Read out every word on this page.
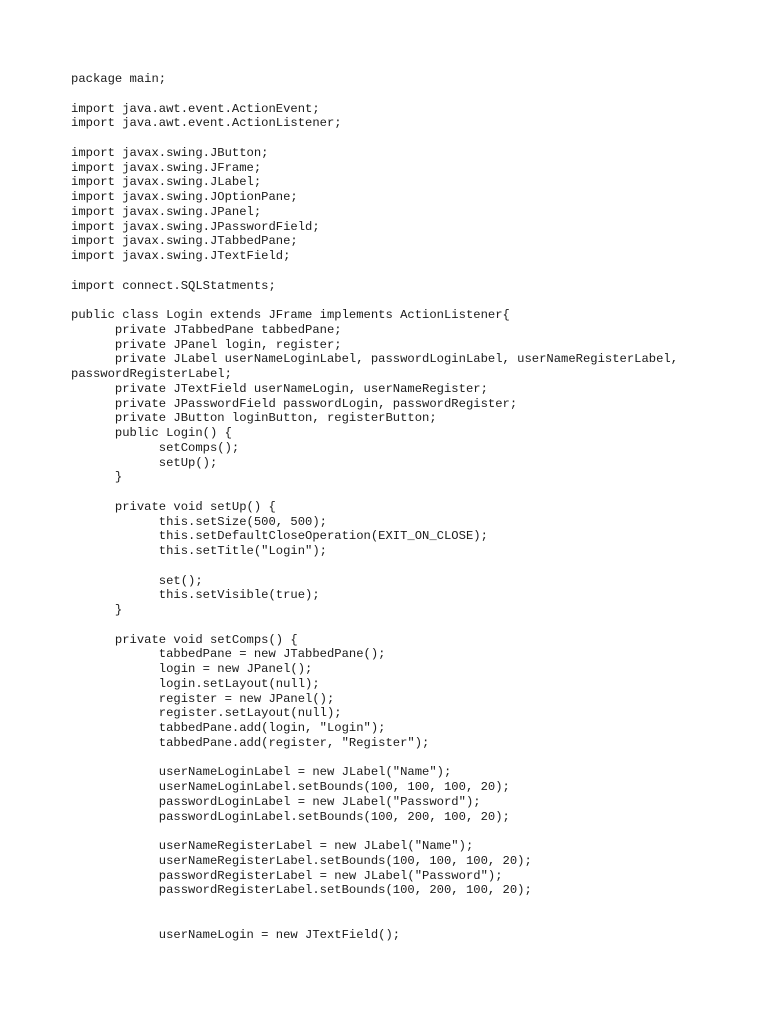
package main;
import java.awt.event.ActionEvent;
import java.awt.event.ActionListener;
import javax.swing.JButton;
import javax.swing.JFrame;
import javax.swing.JLabel;
import javax.swing.JOptionPane;
import javax.swing.JPanel;
import javax.swing.JPasswordField;
import javax.swing.JTabbedPane;
import javax.swing.JTextField;
import connect.SQLStatments;
public class Login extends JFrame implements ActionListener{
private JTabbedPane tabbedPane;
private JPanel login, register;
private JLabel userNameLoginLabel, passwordLoginLabel, userNameRegisterLabel,
passwordRegisterLabel;
private JTextField userNameLogin, userNameRegister;
private JPasswordField passwordLogin, passwordRegister;
private JButton loginButton, registerButton;
public Login() {
setComps();
setUp();
}
private void setUp() {
this.setSize(500, 500);
this.setDefaultCloseOperation(EXIT_ON_CLOSE);
this.setTitle("Login");
set();
this.setVisible(true);
}
private void setComps() {
tabbedPane = new JTabbedPane();
login = new JPanel();
login.setLayout(null);
register = new JPanel();
register.setLayout(null);
tabbedPane.add(login, "Login");
tabbedPane.add(register, "Register");
userNameLoginLabel = new JLabel("Name");
userNameLoginLabel.setBounds(100, 100, 100, 20);
passwordLoginLabel = new JLabel("Password");
passwordLoginLabel.setBounds(100, 200, 100, 20);
userNameRegisterLabel = new JLabel("Name");
userNameRegisterLabel.setBounds(100, 100, 100, 20);
passwordRegisterLabel = new JLabel("Password");
passwordRegisterLabel.setBounds(100, 200, 100, 20);
userNameLogin = new JTextField();
